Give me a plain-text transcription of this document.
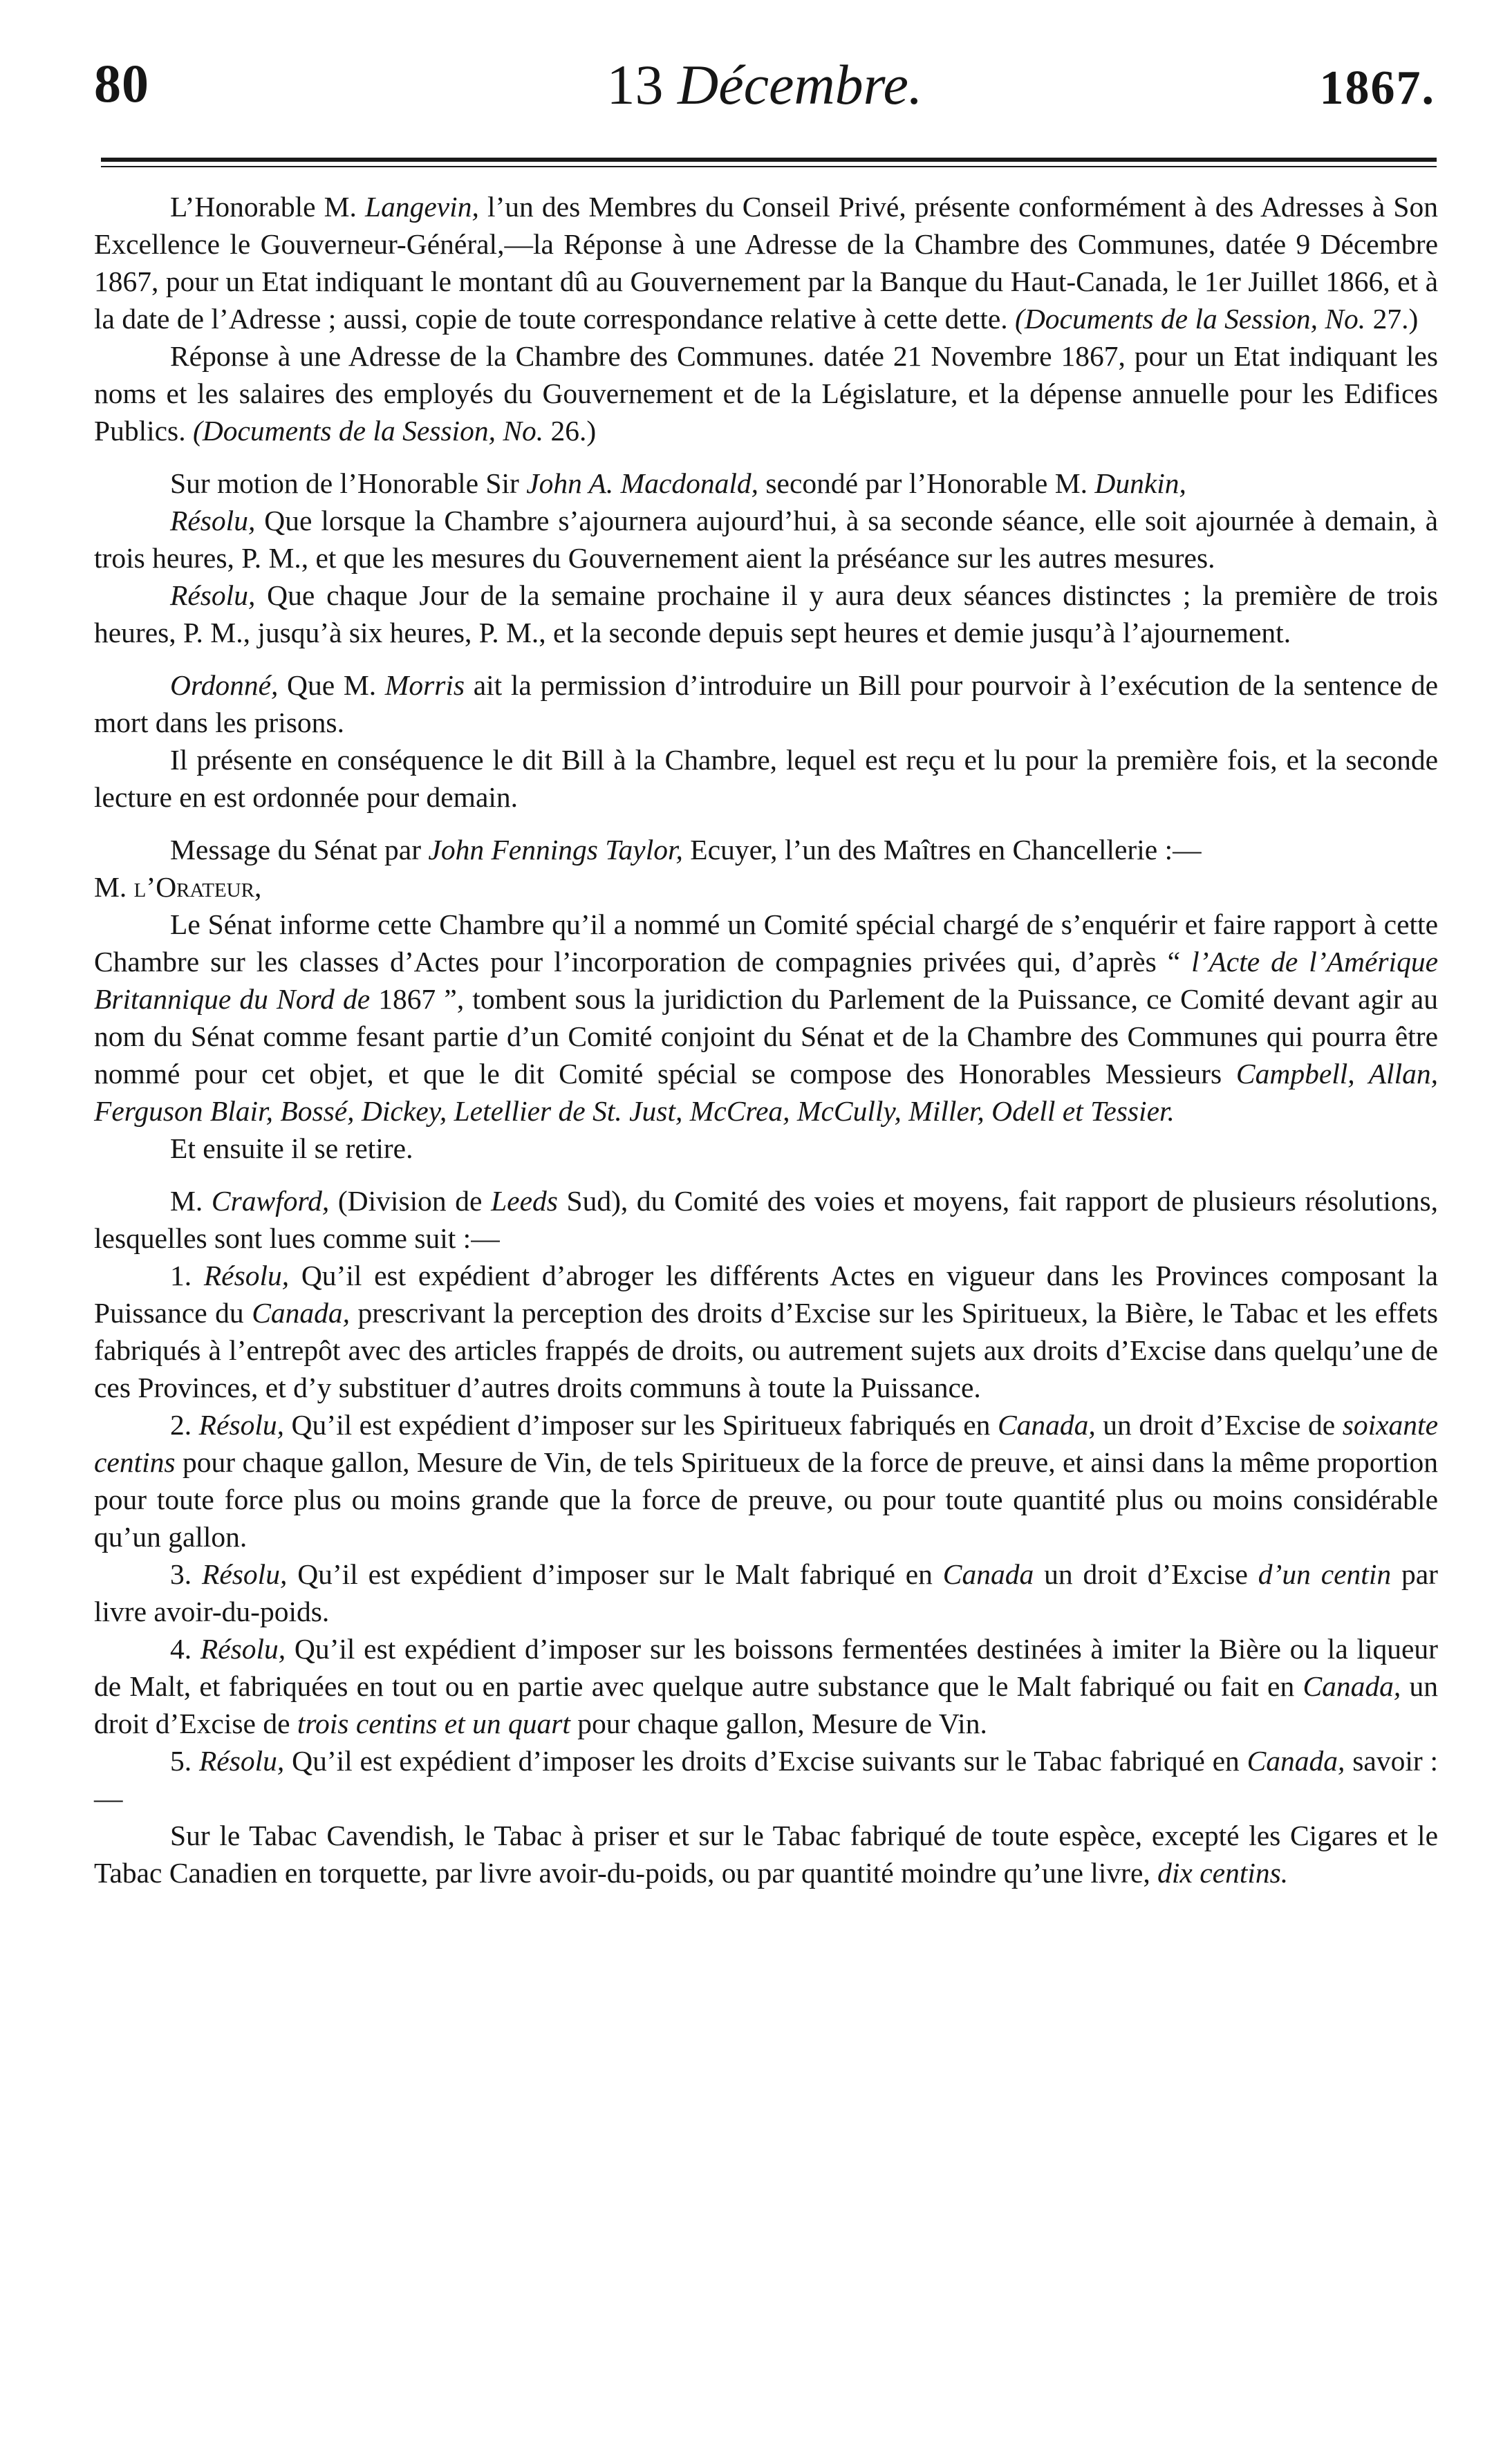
80	13 Décembre.	1867.

L’Honorable M. Langevin, l’un des Membres du Conseil Privé, présente conformément à des Adresses à Son Excellence le Gouverneur-Général,—la Réponse à une Adresse de la Chambre des Communes, datée 9 Décembre 1867, pour un Etat indiquant le montant dû au Gouvernement par la Banque du Haut-Canada, le 1er Juillet 1866, et à la date de l’Adresse ; aussi, copie de toute correspondance relative à cette dette. (Documents de la Session, No. 27.)

Réponse à une Adresse de la Chambre des Communes. datée 21 Novembre 1867, pour un Etat indiquant les noms et les salaires des employés du Gouvernement et de la Législature, et la dépense annuelle pour les Edifices Publics. (Documents de la Session, No. 26.)

Sur motion de l’Honorable Sir John A. Macdonald, secondé par l’Honorable M. Dunkin,

Résolu, Que lorsque la Chambre s’ajournera aujourd’hui, à sa seconde séance, elle soit ajournée à demain, à trois heures, P. M., et que les mesures du Gouvernement aient la préséance sur les autres mesures.

Résolu, Que chaque Jour de la semaine prochaine il y aura deux séances distinctes ; la première de trois heures, P. M., jusqu’à six heures, P. M., et la seconde depuis sept heures et demie jusqu’à l’ajournement.

Ordonné, Que M. Morris ait la permission d’introduire un Bill pour pourvoir à l’exécution de la sentence de mort dans les prisons.

Il présente en conséquence le dit Bill à la Chambre, lequel est reçu et lu pour la première fois, et la seconde lecture en est ordonnée pour demain.

Message du Sénat par John Fennings Taylor, Ecuyer, l’un des Maîtres en Chancellerie :—

M. l’Orateur,

Le Sénat informe cette Chambre qu’il a nommé un Comité spécial chargé de s’enquérir et faire rapport à cette Chambre sur les classes d’Actes pour l’incorporation de compagnies privées qui, d’après “ l’Acte de l’Amérique Britannique du Nord de 1867 ”, tombent sous la juridiction du Parlement de la Puissance, ce Comité devant agir au nom du Sénat comme fesant partie d’un Comité conjoint du Sénat et de la Chambre des Communes qui pourra être nommé pour cet objet, et que le dit Comité spécial se compose des Honorables Messieurs Campbell, Allan, Ferguson Blair, Bossé, Dickey, Letellier de St. Just, McCrea, McCully, Miller, Odell et Tessier.

Et ensuite il se retire.

M. Crawford, (Division de Leeds Sud), du Comité des voies et moyens, fait rapport de plusieurs résolutions, lesquelles sont lues comme suit :—

1. Résolu, Qu’il est expédient d’abroger les différents Actes en vigueur dans les Provinces composant la Puissance du Canada, prescrivant la perception des droits d’Excise sur les Spiritueux, la Bière, le Tabac et les effets fabriqués à l’entrepôt avec des articles frappés de droits, ou autrement sujets aux droits d’Excise dans quelqu’une de ces Provinces, et d’y substituer d’autres droits communs à toute la Puissance.

2. Résolu, Qu’il est expédient d’imposer sur les Spiritueux fabriqués en Canada, un droit d’Excise de soixante centins pour chaque gallon, Mesure de Vin, de tels Spiritueux de la force de preuve, et ainsi dans la même proportion pour toute force plus ou moins grande que la force de preuve, ou pour toute quantité plus ou moins considérable qu’un gallon.

3. Résolu, Qu’il est expédient d’imposer sur le Malt fabriqué en Canada un droit d’Excise d’un centin par livre avoir-du-poids.

4. Résolu, Qu’il est expédient d’imposer sur les boissons fermentées destinées à imiter la Bière ou la liqueur de Malt, et fabriquées en tout ou en partie avec quelque autre substance que le Malt fabriqué ou fait en Canada, un droit d’Excise de trois centins et un quart pour chaque gallon, Mesure de Vin.

5. Résolu, Qu’il est expédient d’imposer les droits d’Excise suivants sur le Tabac fabriqué en Canada, savoir :—

Sur le Tabac Cavendish, le Tabac à priser et sur le Tabac fabriqué de toute espèce, excepté les Cigares et le Tabac Canadien en torquette, par livre avoir-du-poids, ou par quantité moindre qu’une livre, dix centins.
